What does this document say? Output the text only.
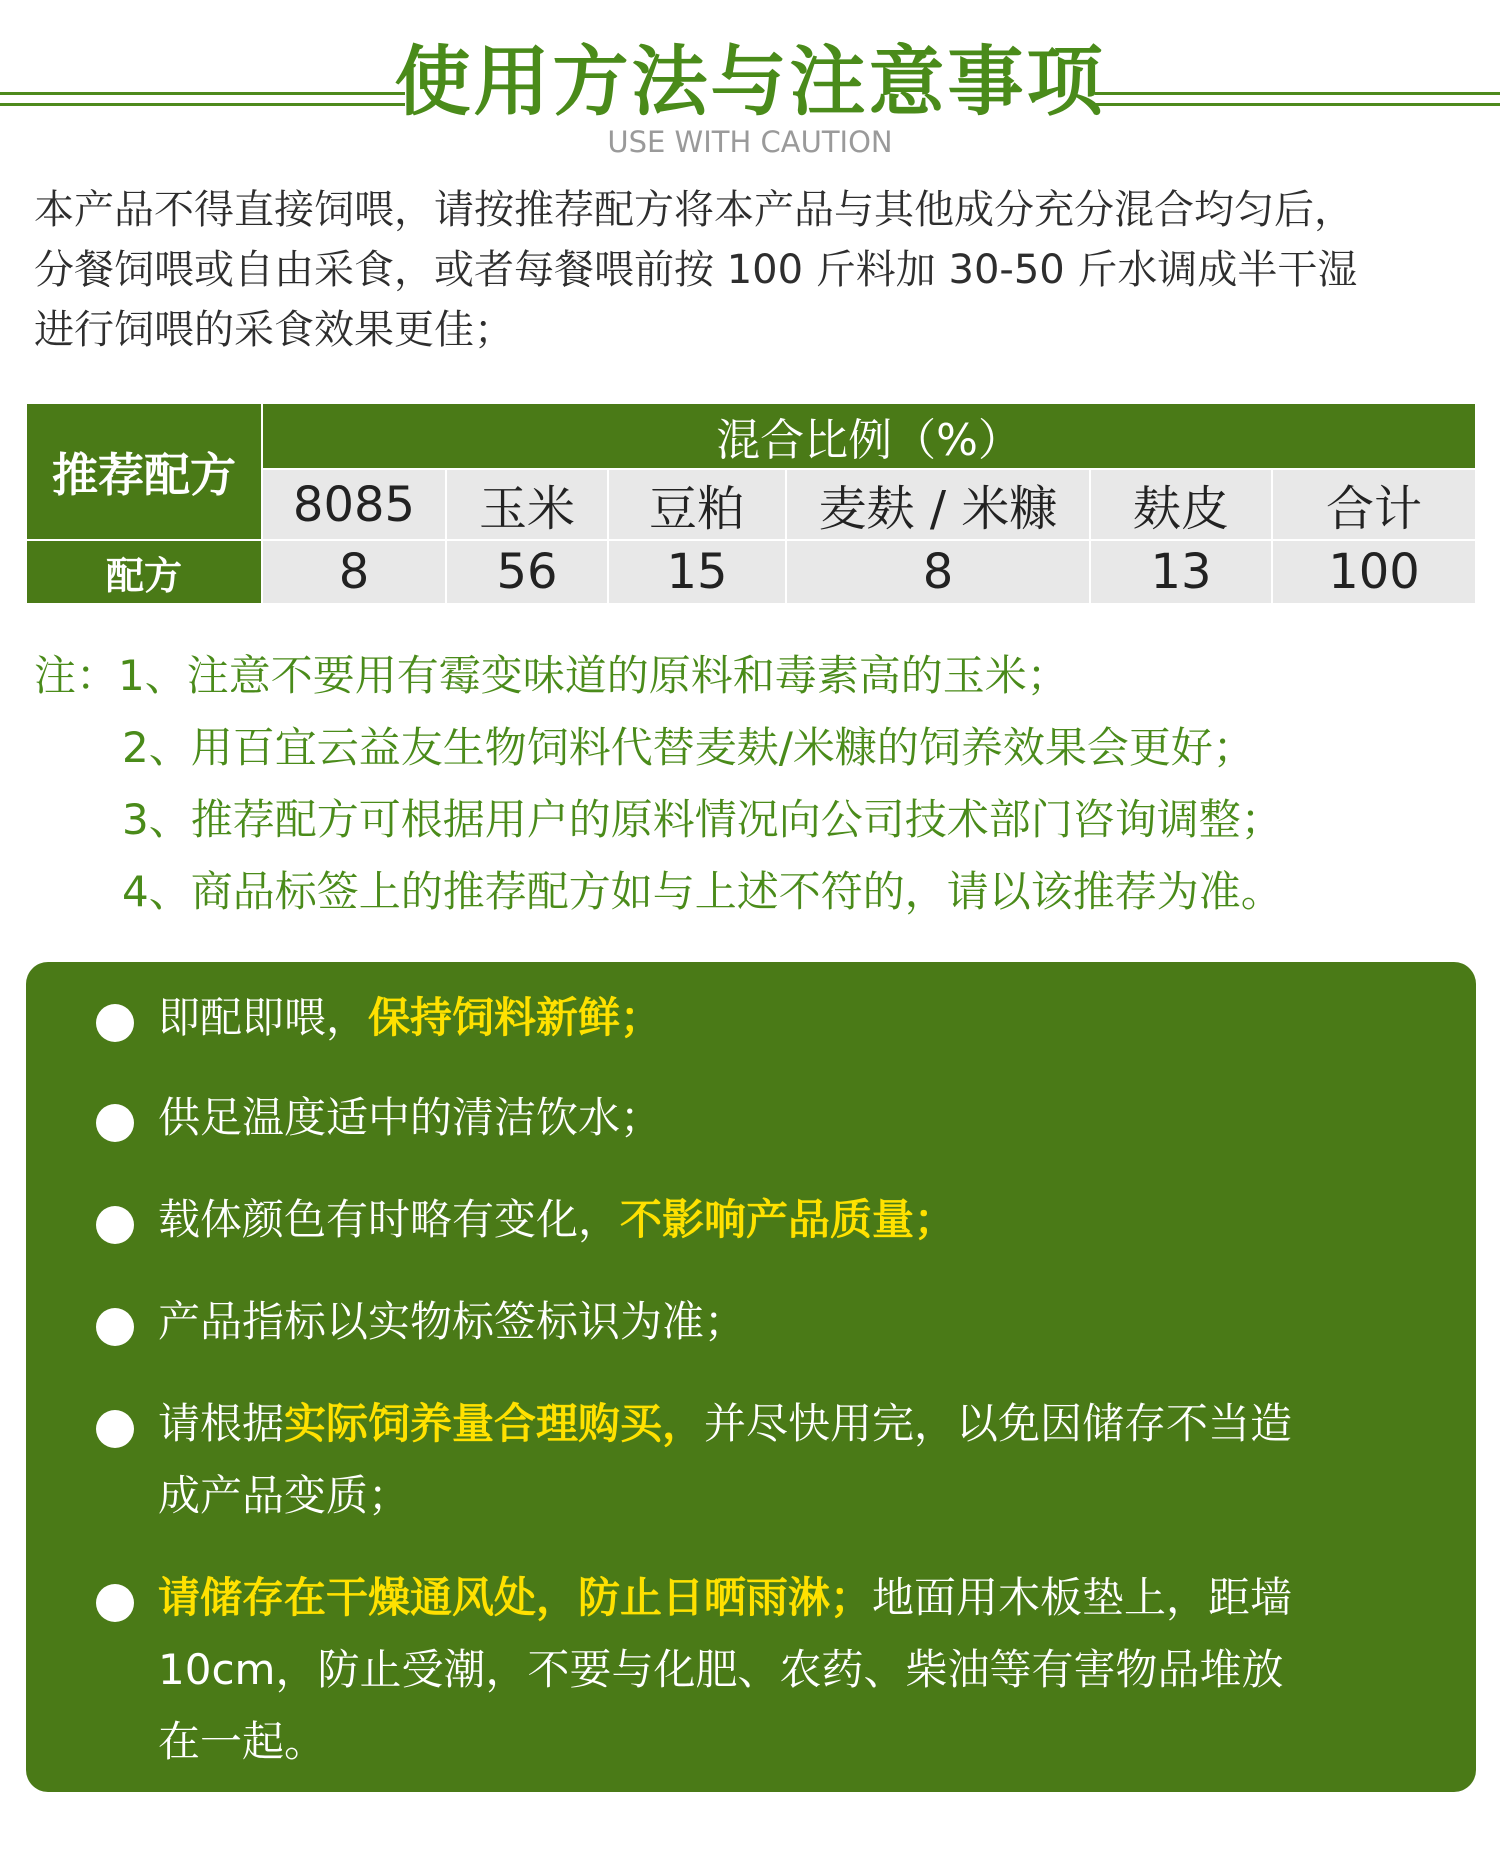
使用方法与注意事项
USE WITH CAUTION
本产品不得直接饲喂，请按推荐配方将本产品与其他成分充分混合均匀后，
分餐饲喂或自由采食，或者每餐喂前按 100 斤料加 30-50 斤水调成半干湿
进行饲喂的采食效果更佳；
推荐配方	混合比例（%）					
	8085	玉米	豆粕	麦麸 / 米糠	麸皮	合计
配方	8	56	15	8	13	100
注：1、注意不要用有霉变味道的原料和毒素高的玉米；
2、用百宜云益友生物饲料代替麦麸/米糠的饲养效果会更好；
3、推荐配方可根据用户的原料情况向公司技术部门咨询调整；
4、商品标签上的推荐配方如与上述不符的，请以该推荐为准。
即配即喂，保持饲料新鲜；
供足温度适中的清洁饮水；
载体颜色有时略有变化，不影响产品质量；
产品指标以实物标签标识为准；
请根据实际饲养量合理购买，并尽快用完，以免因储存不当造
成产品变质；
请储存在干燥通风处，防止日晒雨淋；地面用木板垫上，距墙
10cm，防止受潮，不要与化肥、农药、柴油等有害物品堆放
在一起。
